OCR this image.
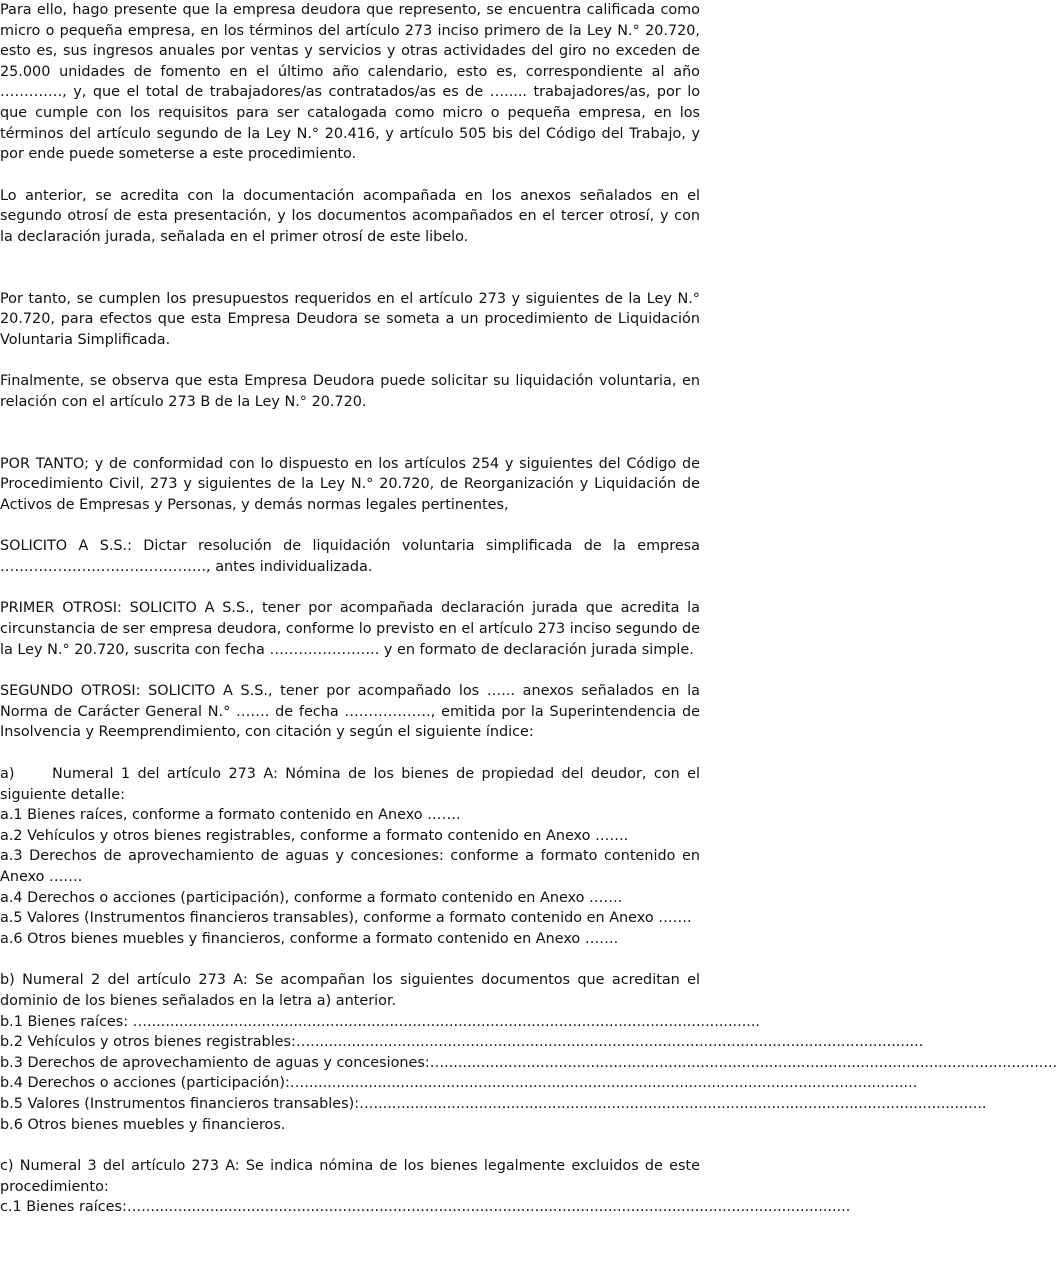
Para ello, hago presente que la empresa deudora que represento, se encuentra calificada como micro o pequeña empresa, en los términos del artículo 273 inciso primero de la Ley N.° 20.720, esto es, sus ingresos anuales por ventas y servicios y otras actividades del giro no exceden de 25.000 unidades de fomento en el último año calendario, esto es, correspondiente al año …………., y, que el total de trabajadores/as contratados/as es de …..... trabajadores/as, por lo que cumple con los requisitos para ser catalogada como micro o pequeña empresa, en los términos del artículo segundo de la Ley N.° 20.416, y artículo 505 bis del Código del Trabajo, y por ende puede someterse a este procedimiento.

Lo anterior, se acredita con la documentación acompañada en los anexos señalados en el segundo otrosí de esta presentación, y los documentos acompañados en el tercer otrosí, y con la declaración jurada, señalada en el primer otrosí de este libelo.

Por tanto, se cumplen los presupuestos requeridos en el artículo 273 y siguientes de la Ley N.° 20.720, para efectos que esta Empresa Deudora se someta a un procedimiento de Liquidación Voluntaria Simplificada.

Finalmente, se observa que esta Empresa Deudora puede solicitar su liquidación voluntaria, en relación con el artículo 273 B de la Ley N.° 20.720.

POR TANTO; y de conformidad con lo dispuesto en los artículos 254 y siguientes del Código de Procedimiento Civil, 273 y siguientes de la Ley N.° 20.720, de Reorganización y Liquidación de Activos de Empresas y Personas, y demás normas legales pertinentes,

SOLICITO A S.S.: Dictar resolución de liquidación voluntaria simplificada de la empresa ……………………………………., antes individualizada.

PRIMER OTROSI: SOLICITO A S.S., tener por acompañada declaración jurada que acredita la circunstancia de ser empresa deudora, conforme lo previsto en el artículo 273 inciso segundo de la Ley N.° 20.720, suscrita con fecha ………………….. y en formato de declaración jurada simple.

SEGUNDO OTROSI: SOLICITO A S.S., tener por acompañado los …... anexos señalados en la Norma de Carácter General N.° ……. de fecha ………………, emitida por la Superintendencia de Insolvencia y Reemprendimiento, con citación y según el siguiente índice:

a)	Numeral 1 del artículo 273 A: Nómina de los bienes de propiedad del deudor, con el siguiente detalle:

a.1 Bienes raíces, conforme a formato contenido en Anexo …….

a.2 Vehículos y otros bienes registrables, conforme a formato contenido en Anexo …….

a.3 Derechos de aprovechamiento de aguas y concesiones: conforme a formato contenido en Anexo …….

a.4 Derechos o acciones (participación), conforme a formato contenido en Anexo …….

a.5 Valores (Instrumentos financieros transables), conforme a formato contenido en Anexo …….

a.6 Otros bienes muebles y financieros, conforme a formato contenido en Anexo …….

b) Numeral 2 del artículo 273 A: Se acompañan los siguientes documentos que acreditan el dominio de los bienes señalados en la letra a) anterior.

b.1 Bienes raíces: … ......................................................................................................................................
b.2 Vehículos y otros bienes registrables:… ......................................................................................................................................
b.3 Derechos de aprovechamiento de aguas y concesiones:… ......................................................................................................................................
b.4 Derechos o acciones (participación):… ......................................................................................................................................
b.5 Valores (Instrumentos financieros transables):… ......................................................................................................................................
b.6 Otros bienes muebles y financieros.

c) Numeral 3 del artículo 273 A: Se indica nómina de los bienes legalmente excluidos de este procedimiento:

c.1 Bienes raíces:… ...........................................................................................................................................................
